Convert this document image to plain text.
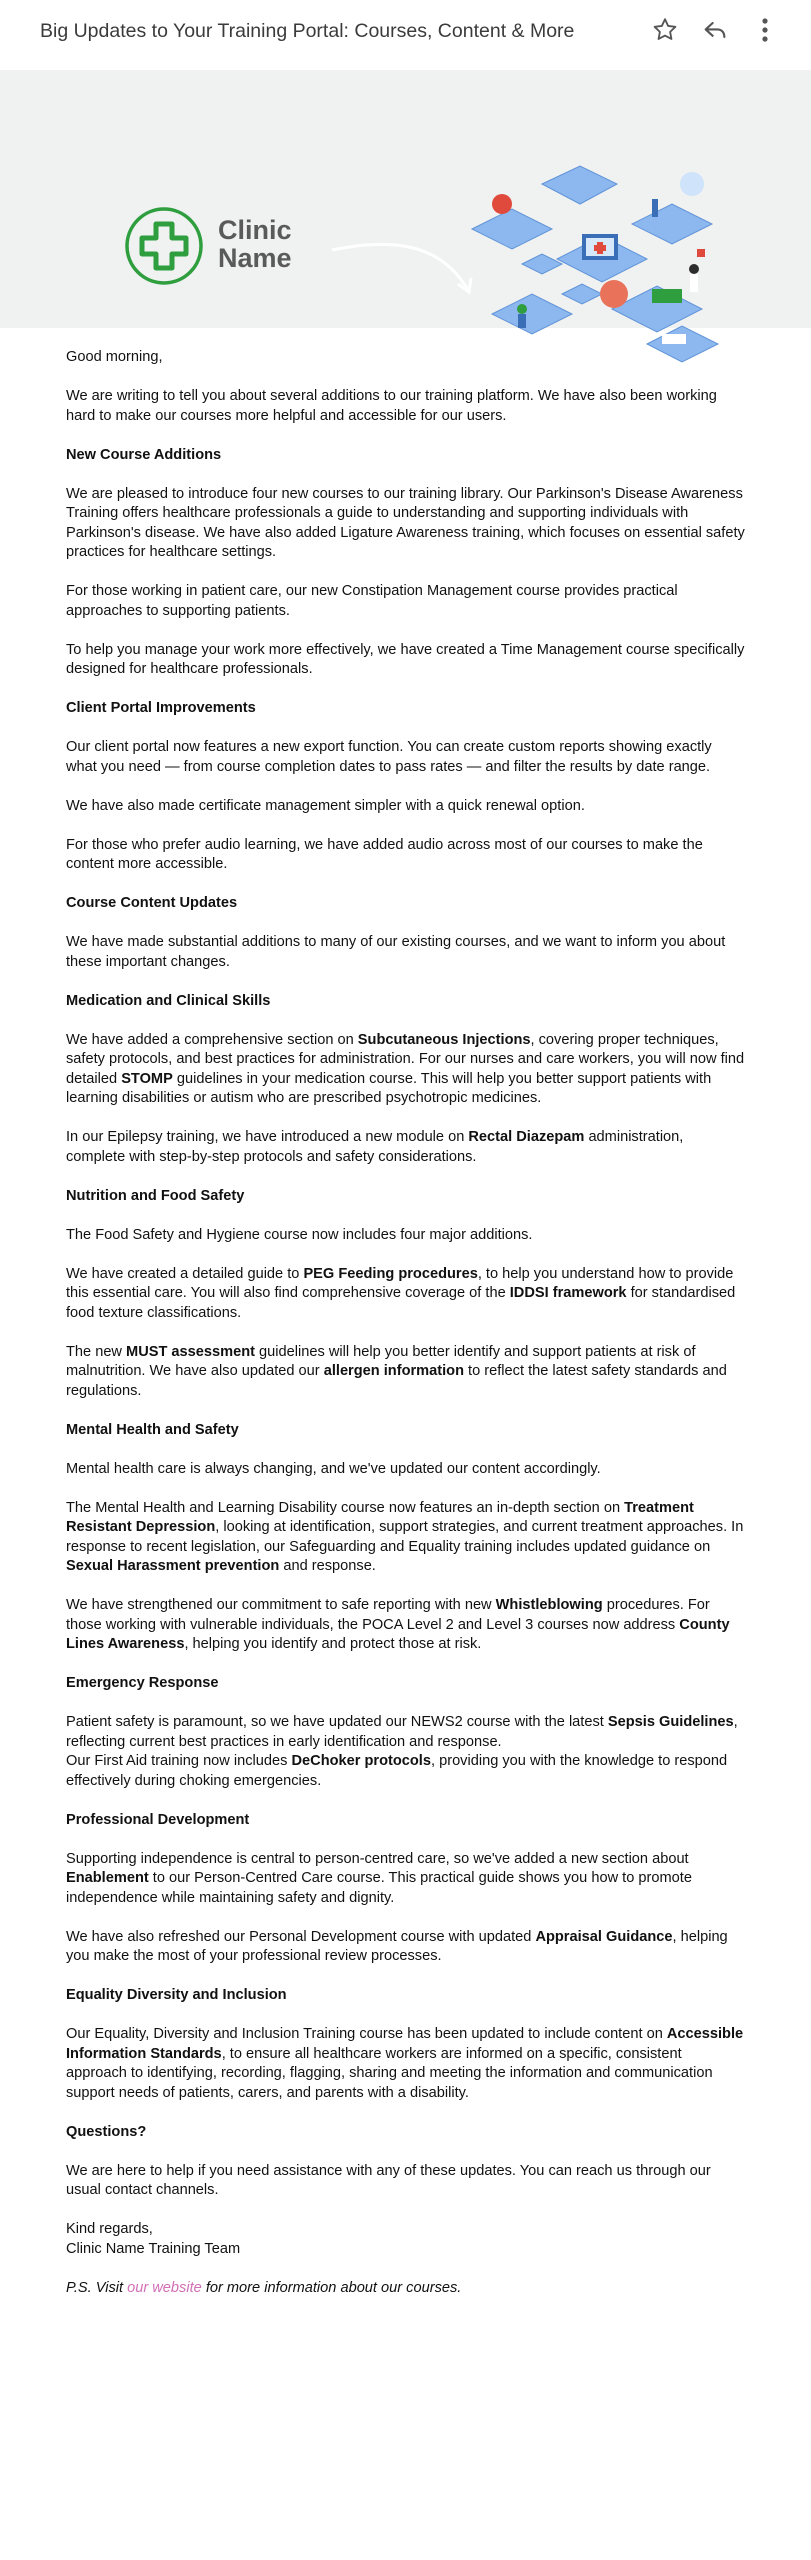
Big Updates to Your Training Portal: Courses, Content & More
Clinic
Name

Good morning,

We are writing to tell you about several additions to our training platform. We have also been working hard to make our courses more helpful and accessible for our users.

New Course Additions

We are pleased to introduce four new courses to our training library. Our Parkinson's Disease Awareness Training offers healthcare professionals a guide to understanding and supporting individuals with Parkinson's disease. We have also added Ligature Awareness training, which focuses on essential safety practices for healthcare settings.

For those working in patient care, our new Constipation Management course provides practical approaches to supporting patients.

To help you manage your work more effectively, we have created a Time Management course specifically designed for healthcare professionals.

Client Portal Improvements

Our client portal now features a new export function. You can create custom reports showing exactly what you need — from course completion dates to pass rates — and filter the results by date range.

We have also made certificate management simpler with a quick renewal option.

For those who prefer audio learning, we have added audio across most of our courses to make the content more accessible.

Course Content Updates

We have made substantial additions to many of our existing courses, and we want to inform you about these important changes.

Medication and Clinical Skills

We have added a comprehensive section on Subcutaneous Injections, covering proper techniques, safety protocols, and best practices for administration. For our nurses and care workers, you will now find detailed STOMP guidelines in your medication course. This will help you better support patients with learning disabilities or autism who are prescribed psychotropic medicines.

In our Epilepsy training, we have introduced a new module on Rectal Diazepam administration, complete with step-by-step protocols and safety considerations.

Nutrition and Food Safety

The Food Safety and Hygiene course now includes four major additions.

We have created a detailed guide to PEG Feeding procedures, to help you understand how to provide this essential care. You will also find comprehensive coverage of the IDDSI framework for standardised food texture classifications.

The new MUST assessment guidelines will help you better identify and support patients at risk of malnutrition. We have also updated our allergen information to reflect the latest safety standards and regulations.

Mental Health and Safety

Mental health care is always changing, and we've updated our content accordingly.

The Mental Health and Learning Disability course now features an in-depth section on Treatment Resistant Depression, looking at identification, support strategies, and current treatment approaches. In response to recent legislation, our Safeguarding and Equality training includes updated guidance on Sexual Harassment prevention and response.

We have strengthened our commitment to safe reporting with new Whistleblowing procedures. For those working with vulnerable individuals, the POCA Level 2 and Level 3 courses now address County Lines Awareness, helping you identify and protect those at risk.

Emergency Response

Patient safety is paramount, so we have updated our NEWS2 course with the latest Sepsis Guidelines, reflecting current best practices in early identification and response.
Our First Aid training now includes DeChoker protocols, providing you with the knowledge to respond effectively during choking emergencies.

Professional Development

Supporting independence is central to person-centred care, so we've added a new section about Enablement to our Person-Centred Care course. This practical guide shows you how to promote independence while maintaining safety and dignity.

We have also refreshed our Personal Development course with updated Appraisal Guidance, helping you make the most of your professional review processes.

Equality Diversity and Inclusion

Our Equality, Diversity and Inclusion Training course has been updated to include content on Accessible Information Standards, to ensure all healthcare workers are informed on a specific, consistent approach to identifying, recording, flagging, sharing and meeting the information and communication support needs of patients, carers, and parents with a disability.

Questions?

We are here to help if you need assistance with any of these updates. You can reach us through our usual contact channels.

Kind regards,
Clinic Name Training Team

P.S. Visit our website for more information about our courses.
